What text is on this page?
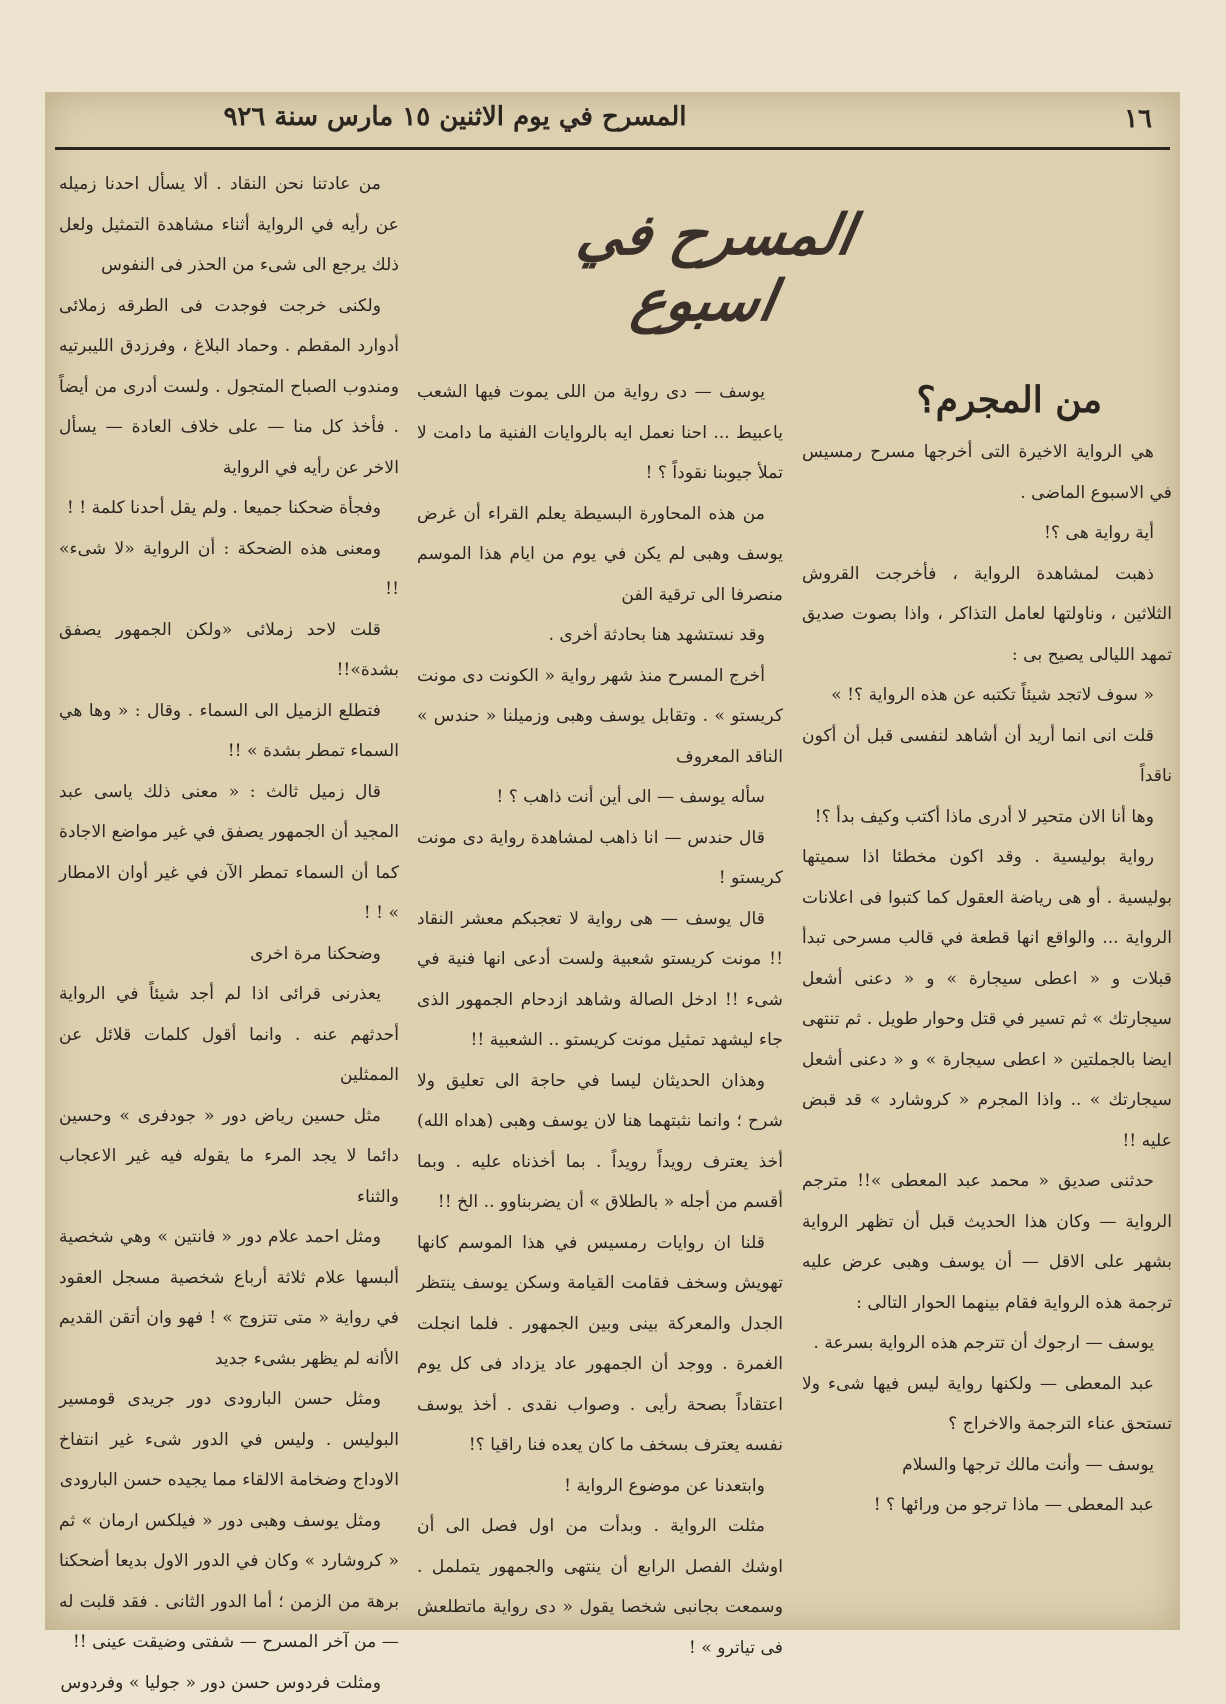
١٦
المسرح في يوم الاثنين ١٥ مارس سنة ٩٢٦
المسرح في اسبوع
من المجرم؟

هي الرواية الاخيرة التى أخرجها مسرح رمسيس في الاسبوع الماضى .

أية رواية هى ؟!

ذهبت لمشاهدة الرواية ، فأخرجت القروش الثلاثين ، وناولتها لعامل التذاكر ، واذا بصوت صديق تمهد الليالى يصيح بى :

« سوف لاتجد شيئاً تكتبه عن هذه الرواية ؟! »

قلت انى انما أريد أن أشاهد لنفسى قبل أن أكون ناقداً

وها أنا الان متحير لا أدرى ماذا أكتب وكيف بدأ ؟!

رواية بوليسية . وقد اكون مخطئا اذا سميتها بوليسية . أو هى رياضة العقول كما كتبوا فى اعلانات الرواية ... والواقع انها قطعة في قالب مسرحى تبدأ قبلات و « اعطى سيجارة » و « دعنى أشعل سيجارتك » ثم تسير في قتل وحوار طويل . ثم تنتهى ايضا بالجملتين « اعطى سيجارة » و « دعنى أشعل سيجارتك » .. واذا المجرم « كروشارد » قد قبض عليه !!

حدثنى صديق « محمد عبد المعطى »!! مترجم الرواية — وكان هذا الحديث قبل أن تظهر الرواية بشهر على الاقل — أن يوسف وهبى عرض عليه ترجمة هذه الرواية فقام بينهما الحوار التالى :

يوسف — ارجوك أن تترجم هذه الرواية بسرعة .

عبد المعطى — ولكنها رواية ليس فيها شىء ولا تستحق عناء الترجمة والاخراج ؟

يوسف — وأنت مالك ترجها والسلام

عبد المعطى — ماذا ترجو من ورائها ؟ !

يوسف — دى رواية من اللى يموت فيها الشعب ياعبيط ... احنا نعمل ايه بالروايات الفنية ما دامت لا تملأ جيوبنا نقوداً ؟ !

من هذه المحاورة البسيطة يعلم القراء أن غرض يوسف وهبى لم يكن في يوم من ايام هذا الموسم منصرفا الى ترقية الفن

وقد نستشهد هنا بحادثة أخرى .

أخرج المسرح منذ شهر رواية « الكونت دى مونت كريستو » . وتقابل يوسف وهبى وزميلنا « حندس » الناقد المعروف

سأله يوسف — الى أين أنت ذاهب ؟ !

قال حندس — انا ذاهب لمشاهدة رواية دى مونت كريستو !

قال يوسف — هى رواية لا تعجبكم معشر النقاد !! مونت كريستو شعبية ولست أدعى انها فنية في شىء !! ادخل الصالة وشاهد ازدحام الجمهور الذى جاء ليشهد تمثيل مونت كريستو .. الشعبية !!

وهذان الحديثان ليسا في حاجة الى تعليق ولا شرح ؛ وانما نثبتهما هنا لان يوسف وهبى (هداه الله) أخذ يعترف رويداً رويداً . بما أخذناه عليه . وبما أقسم من أجله « بالطلاق » أن يضربناوو .. الخ !!

قلنا ان روايات رمسيس في هذا الموسم كانها تهويش وسخف فقامت القيامة وسكن يوسف ينتظر الجدل والمعركة بينى وبين الجمهور . فلما انجلت الغمرة . ووجد أن الجمهور عاد يزداد فى كل يوم اعتقاداً بصحة رأيى . وصواب نقدى . أخذ يوسف نفسه يعترف بسخف ما كان يعده فنا راقيا ؟!

وابتعدنا عن موضوع الرواية !

مثلت الرواية . وبدأت من اول فصل الى أن اوشك الفصل الرابع أن ينتهى والجمهور يتململ . وسمعت بجانبى شخصا يقول « دى رواية ماتطلعش فى تياترو » !

من عادتنا نحن النقاد . ألا يسأل احدنا زميله عن رأيه في الرواية أثناء مشاهدة التمثيل ولعل ذلك يرجع الى شىء من الحذر فى النفوس

ولكنى خرجت فوجدت فى الطرقه زملائى أدوارد المقطم . وحماد البلاغ ، وفرزدق الليبرتيه ومندوب الصباح المتجول . ولست أدرى من أيضاً . فأخذ كل منا — على خلاف العادة — يسأل الاخر عن رأيه في الرواية

وفجأة ضحكنا جميعا . ولم يقل أحدنا كلمة ! !

ومعنى هذه الضحكة : أن الرواية «لا شىء» !!

قلت لاحد زملائى «ولكن الجمهور يصفق بشدة»!!

فتطلع الزميل الى السماء . وقال : « وها هي السماء تمطر بشدة » !!

قال زميل ثالث : « معنى ذلك ياسى عبد المجيد أن الجمهور يصفق في غير مواضع الاجادة كما أن السماء تمطر الآن في غير أوان الامطار » ! !

وضحكنا مرة اخرى

يعذرنى قرائى اذا لم أجد شيئاً في الرواية أحدثهم عنه . وانما أقول كلمات قلائل عن الممثلين

مثل حسين رياض دور « جودفرى » وحسين دائما لا يجد المرء ما يقوله فيه غير الاعجاب والثناء

ومثل احمد علام دور « فانتين » وهي شخصية ألبسها علام ثلاثة أرباع شخصية مسجل العقود في رواية « متى تتزوج » ! فهو وان أتقن القديم الأانه لم يظهر بشىء جديد

ومثل حسن البارودى دور جريدى قومسير البوليس . وليس في الدور شىء غير انتفاخ الاوداج وضخامة الالقاء مما يجيده حسن البارودى

ومثل يوسف وهبى دور « فيلكس ارمان » ثم « كروشارد » وكان في الدور الاول بديعا أضحكنا برهة من الزمن ؛ أما الدور الثانى . فقد قلبت له — من آخر المسرح — شفتى وضيقت عينى !!

ومثلت فردوس حسن دور « جوليا » وفردوس
